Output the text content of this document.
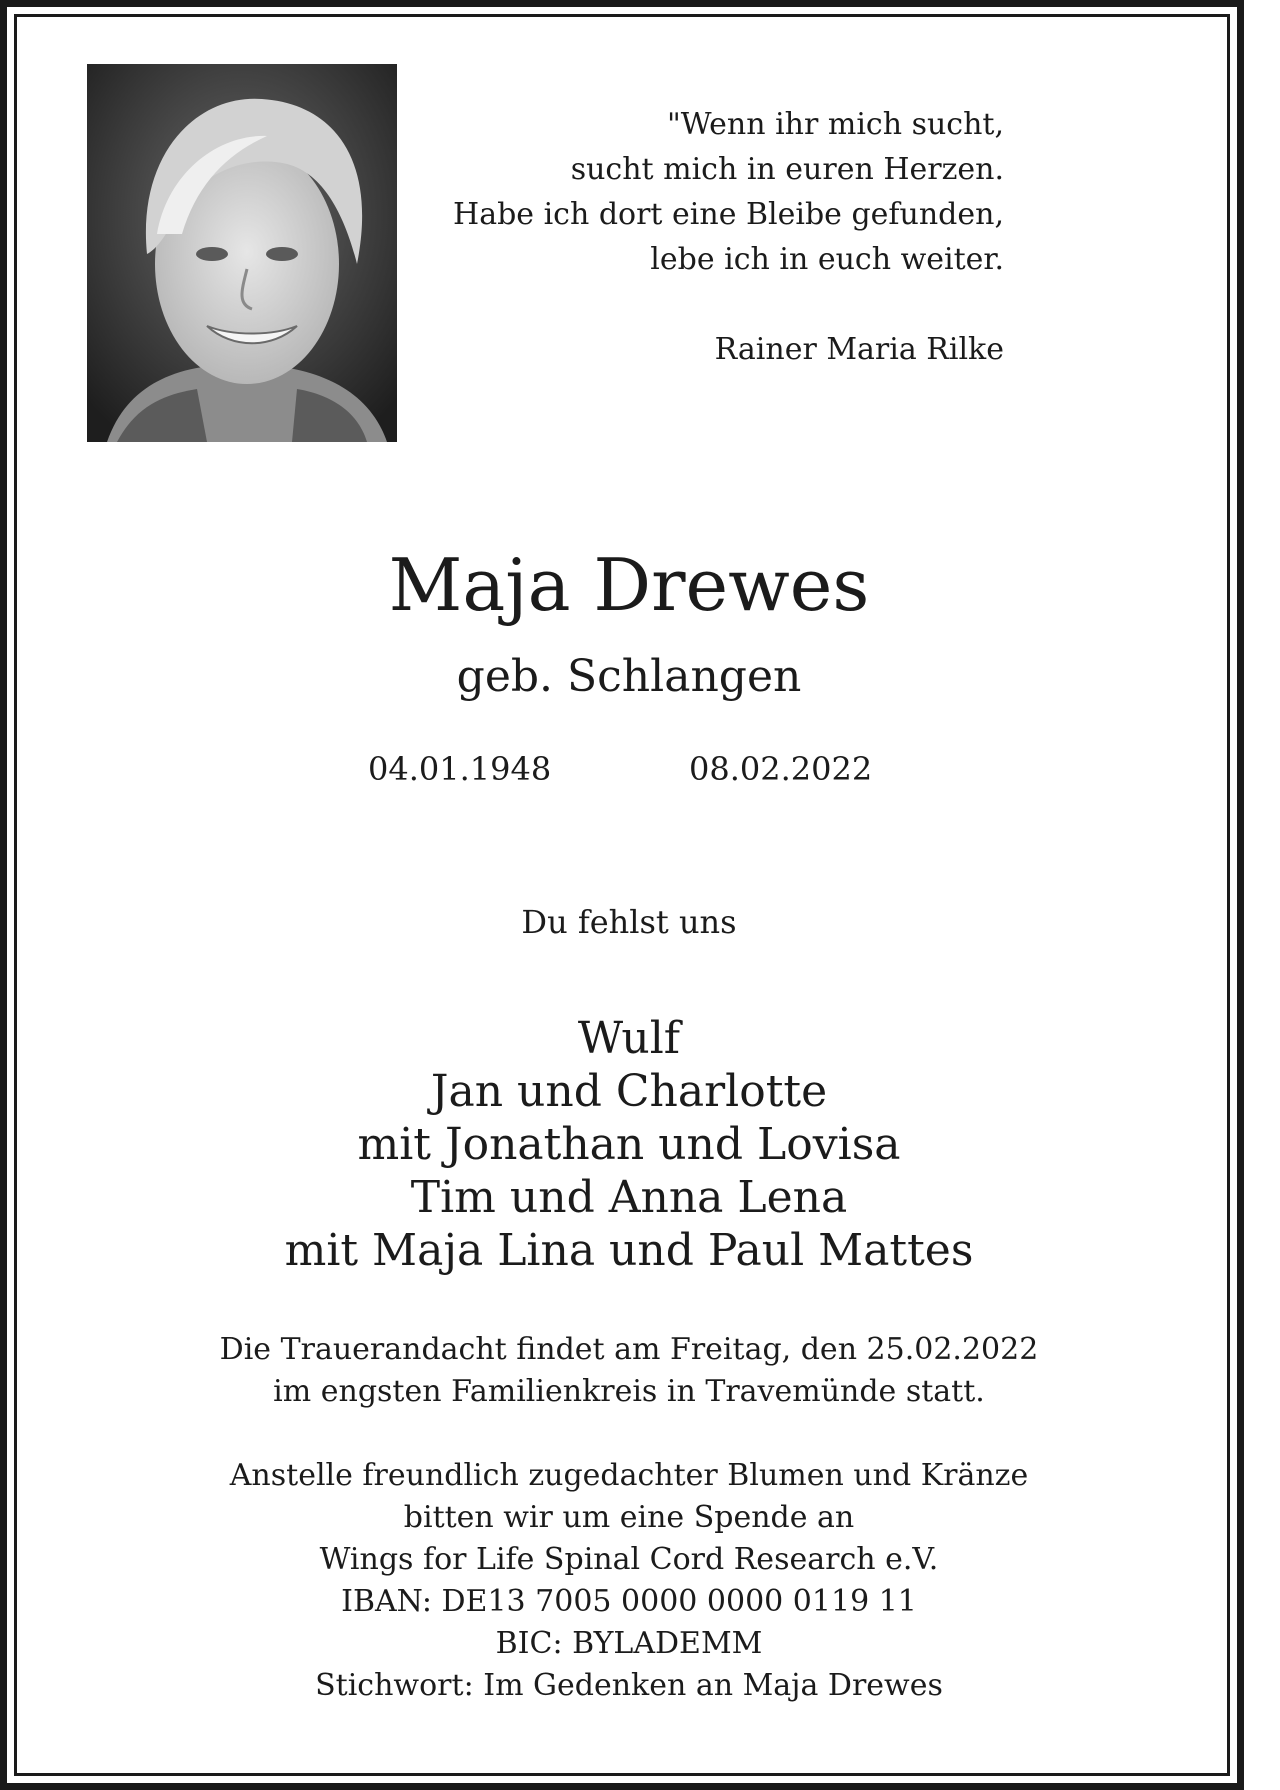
"Wenn ihr mich sucht,
sucht mich in euren Herzen.
Habe ich dort eine Bleibe gefunden,
lebe ich in euch weiter.
Rainer Maria Rilke
Maja Drewes
geb. Schlangen
04.01.1948	08.02.2022
Du fehlst uns
Wulf
Jan und Charlotte
mit Jonathan und Lovisa
Tim und Anna Lena
mit Maja Lina und Paul Mattes
Die Trauerandacht findet am Freitag, den 25.02.2022
im engsten Familienkreis in Travemünde statt.
Anstelle freundlich zugedachter Blumen und Kränze
bitten wir um eine Spende an
Wings for Life Spinal Cord Research e.V.
IBAN: DE13 7005 0000 0000 0119 11
BIC: BYLADEMM
Stichwort: Im Gedenken an Maja Drewes
